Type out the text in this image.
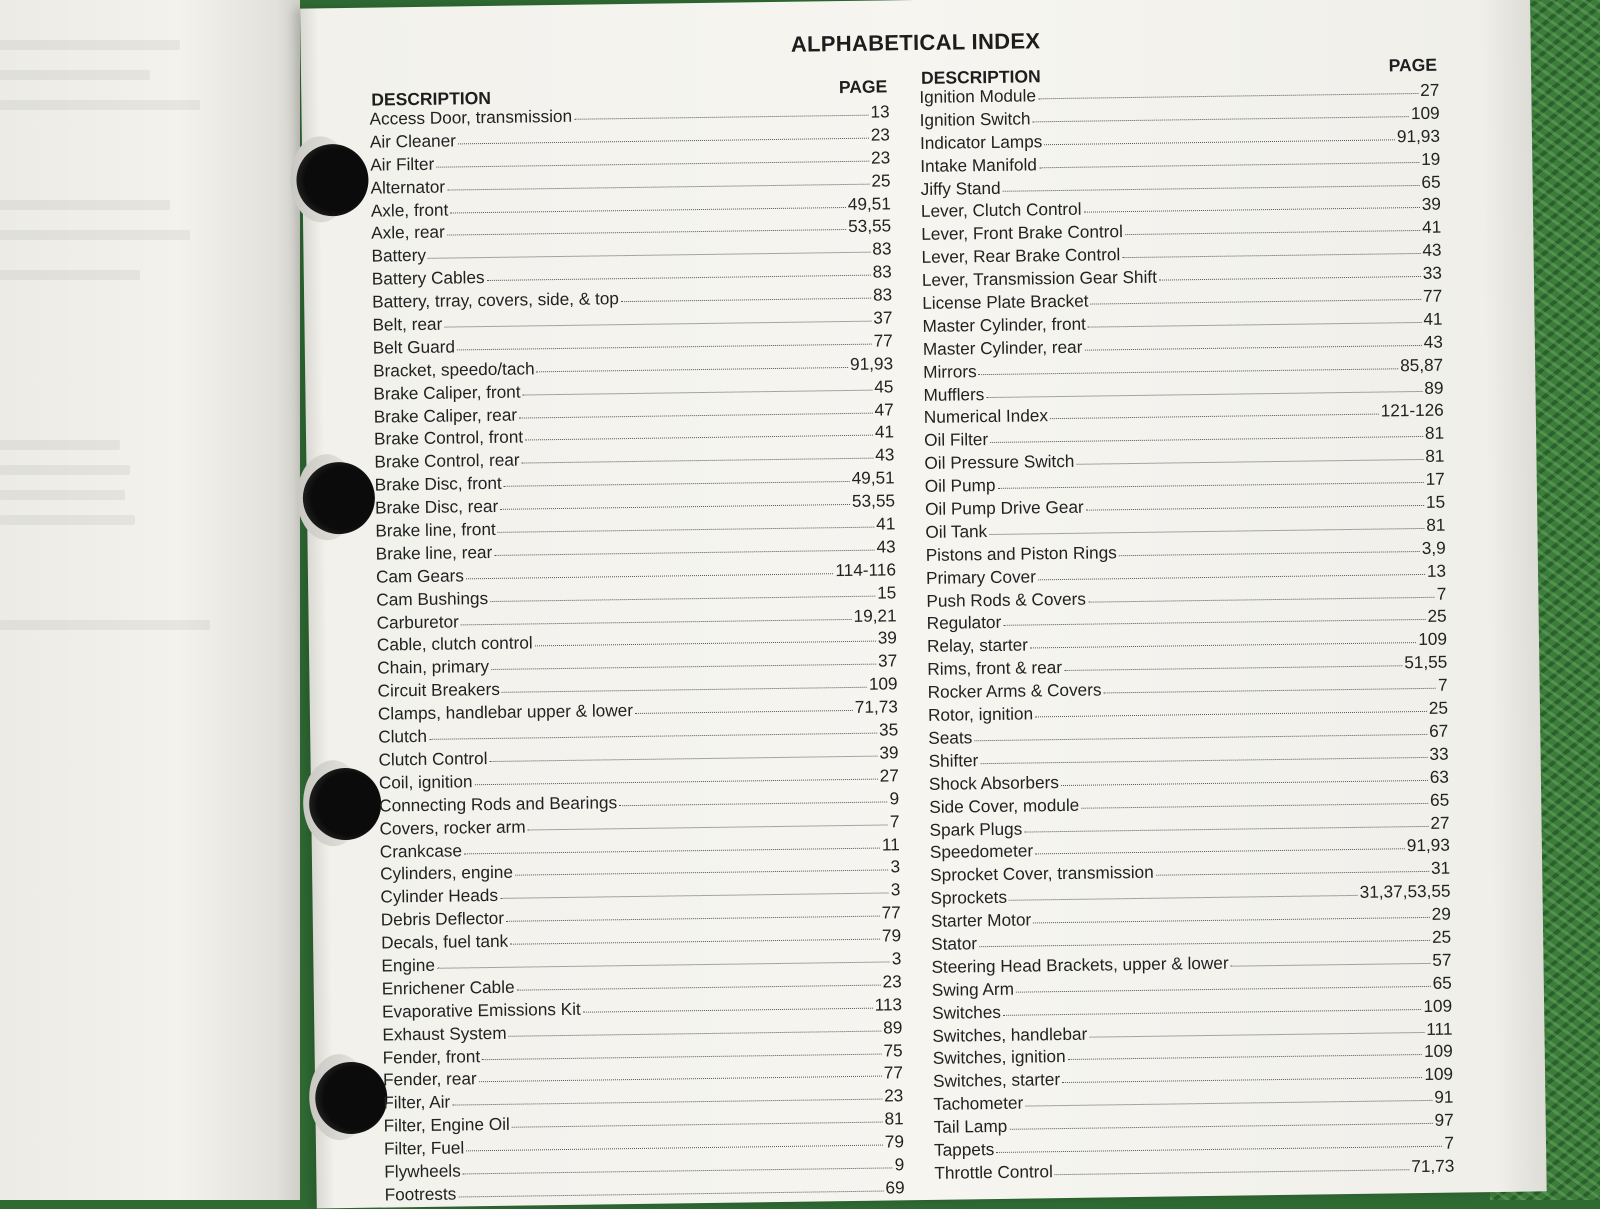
ALPHABETICAL INDEX
DESCRIPTION
PAGE
Access Door, transmission	13
Air Cleaner	23
Air Filter	23
Alternator	25
Axle, front	49,51
Axle, rear	53,55
Battery	83
Battery Cables	83
Battery, trray, covers, side, & top	83
Belt, rear	37
Belt Guard	77
Bracket, speedo/tach	91,93
Brake Caliper, front	45
Brake Caliper, rear	47
Brake Control, front	41
Brake Control, rear	43
Brake Disc, front	49,51
Brake Disc, rear	53,55
Brake line, front	41
Brake line, rear	43
Cam Gears	114-116
Cam Bushings	15
Carburetor	19,21
Cable, clutch control	39
Chain, primary	37
Circuit Breakers	109
Clamps, handlebar upper & lower	71,73
Clutch	35
Clutch Control	39
Coil, ignition	27
Connecting Rods and Bearings	9
Covers, rocker arm	7
Crankcase	11
Cylinders, engine	3
Cylinder Heads	3
Debris Deflector	77
Decals, fuel tank	79
Engine	3
Enrichener Cable	23
Evaporative Emissions Kit	113
Exhaust System	89
Fender, front	75
Fender, rear	77
Filter, Air	23
Filter, Engine Oil	81
Filter, Fuel	79
Flywheels	9
Footrests	69
DESCRIPTION
PAGE
Ignition Module	27
Ignition Switch	109
Indicator Lamps	91,93
Intake Manifold	19
Jiffy Stand	65
Lever, Clutch Control	39
Lever, Front Brake Control	41
Lever, Rear Brake Control	43
Lever, Transmission Gear Shift	33
License Plate Bracket	77
Master Cylinder, front	41
Master Cylinder, rear	43
Mirrors	85,87
Mufflers	89
Numerical Index	121-126
Oil Filter	81
Oil Pressure Switch	81
Oil Pump	17
Oil Pump Drive Gear	15
Oil Tank	81
Pistons and Piston Rings	3,9
Primary Cover	13
Push Rods & Covers	7
Regulator	25
Relay, starter	109
Rims, front & rear	51,55
Rocker Arms & Covers	7
Rotor, ignition	25
Seats	67
Shifter	33
Shock Absorbers	63
Side Cover, module	65
Spark Plugs	27
Speedometer	91,93
Sprocket Cover, transmission	31
Sprockets	31,37,53,55
Starter Motor	29
Stator	25
Steering Head Brackets, upper & lower	57
Swing Arm	65
Switches	109
Switches, handlebar	111
Switches, ignition	109
Switches, starter	109
Tachometer	91
Tail Lamp	97
Tappets	7
Throttle Control	71,73
